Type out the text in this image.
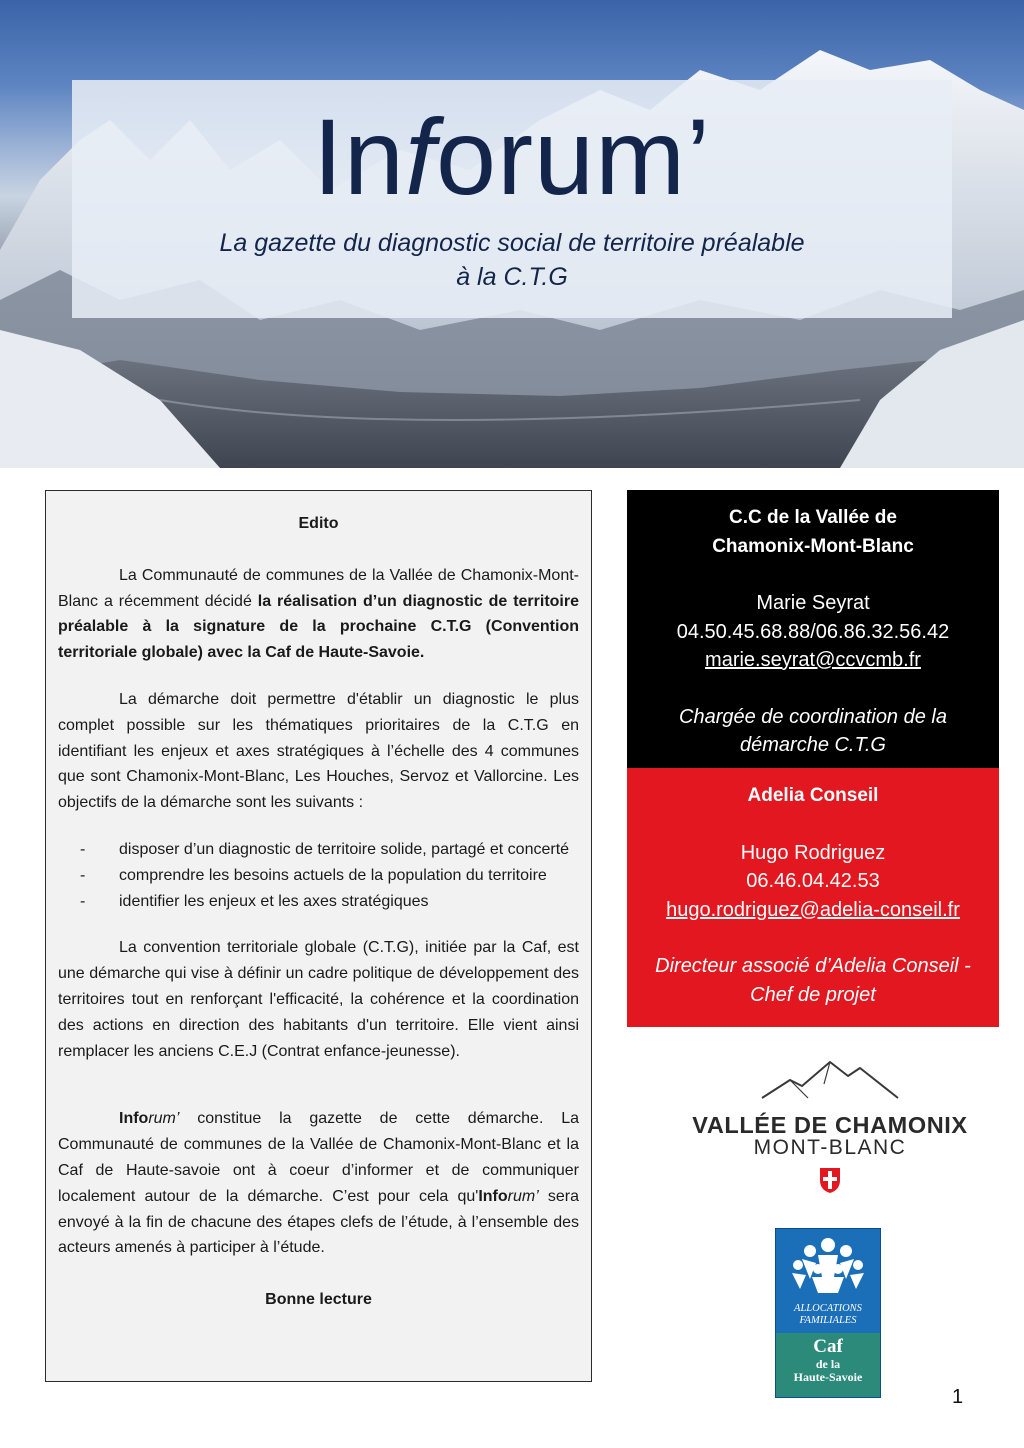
Inforum’
La gazette du diagnostic social de territoire préalable
à la C.T.G
Edito

La Communauté de communes de la Vallée de Chamonix-Mont-Blanc a récemment décidé la réalisation d’un diagnostic de territoire préalable à la signature de la prochaine C.T.G (Convention territoriale globale) avec la Caf de Haute-Savoie.

La démarche doit permettre d'établir un diagnostic le plus complet possible sur les thématiques prioritaires de la C.T.G en identifiant les enjeux et axes stratégiques à l’échelle des 4 communes que sont Chamonix-Mont-Blanc, Les Houches, Servoz et Vallorcine. Les objectifs de la démarche sont les suivants :

- disposer d’un diagnostic de territoire solide, partagé et concerté
- comprendre les besoins actuels de la population du territoire
- identifier les enjeux et les axes stratégiques

La convention territoriale globale (C.T.G), initiée par la Caf, est une démarche qui vise à définir un cadre politique de développement des territoires tout en renforçant l'efficacité, la cohérence et la coordination des actions en direction des habitants d'un territoire. Elle vient ainsi remplacer les anciens C.E.J (Contrat enfance-jeunesse).

Inforum’ constitue la gazette de cette démarche. La Communauté de communes de la Vallée de Chamonix-Mont-Blanc et la Caf de Haute-savoie ont à coeur d’informer et de communiquer localement autour de la démarche. C’est pour cela qu'Inforum’ sera envoyé à la fin de chacune des étapes clefs de l’étude, à l’ensemble des acteurs amenés à participer à l’étude.

Bonne lecture
C.C de la Vallée de
Chamonix-Mont-Blanc
Marie Seyrat
04.50.45.68.88/06.86.32.56.42
marie.seyrat@ccvcmb.fr
Chargée de coordination de la
démarche C.T.G
Adelia Conseil
Hugo Rodriguez
06.46.04.42.53
hugo.rodriguez@adelia-conseil.fr
Directeur associé d’Adelia Conseil -
Chef de projet
VALLÉE DE CHAMONIX
MONT-BLANC
ALLOCATIONS
FAMILIALES
Caf
de la
Haute-Savoie
1
